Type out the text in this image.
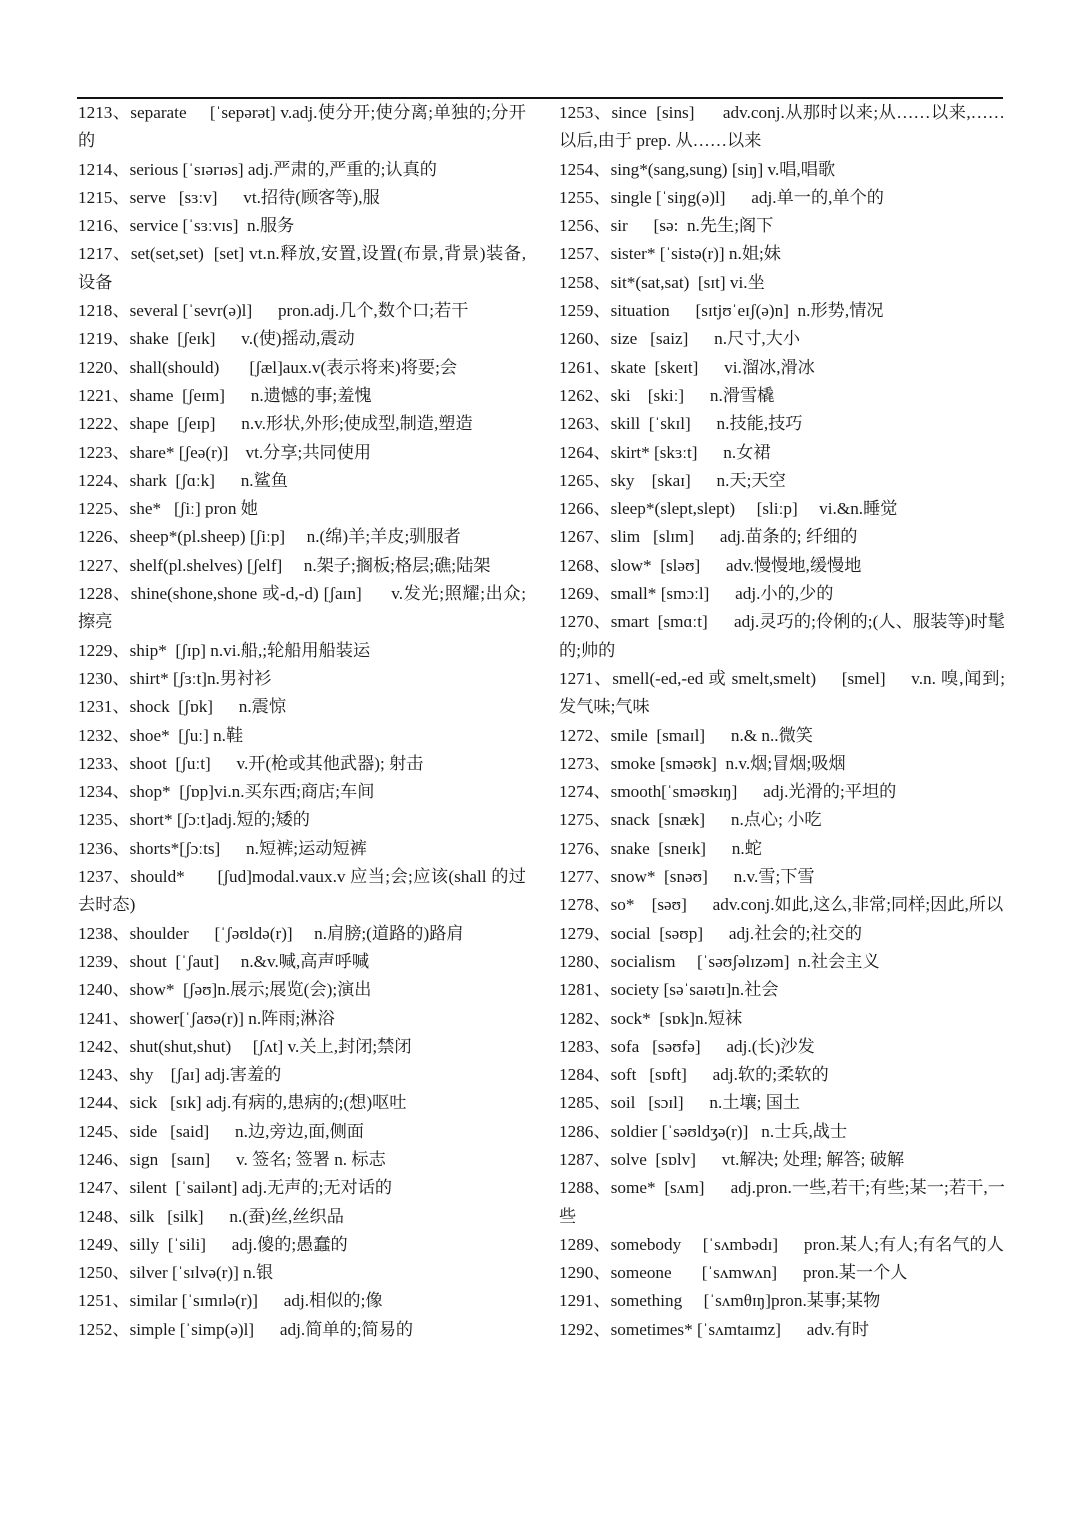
1213、separate     [ˈsepərət] v.adj.使分开;使分离;单独的;分开的
1214、serious [ˈsɪərɪəs] adj.严肃的,严重的;认真的
1215、serve   [sɜːv]      vt.招待(顾客等),服
1216、service [ˈsɜːvɪs]  n.服务
1217、set(set,set)  [set] vt.n.释放,安置,设置(布景,背景)装备,设备
1218、several [ˈsevr(ə)l]      pron.adj.几个,数个口;若干
1219、shake  [ʃeɪk]      v.(使)摇动,震动
1220、shall(should)       [ʃæl]aux.v(表示将来)将要;会
1221、shame  [ʃeɪm]      n.遗憾的事;羞愧
1222、shape  [ʃeɪp]      n.v.形状,外形;使成型,制造,塑造
1223、share* [ʃeə(r)]    vt.分享;共同使用
1224、shark  [ʃɑːk]      n.鲨鱼
1225、she*   [ʃiː] pron 她
1226、sheep*(pl.sheep) [ʃiːp]     n.(绵)羊;羊皮;驯服者
1227、shelf(pl.shelves) [ʃelf]     n.架子;搁板;格层;礁;陆架
1228、shine(shone,shone 或-d,-d) [ʃaɪn]      v.发光;照耀;出众;擦亮
1229、ship*  [ʃɪp] n.vi.船,;轮船用船装运
1230、shirt* [ʃɜːt]n.男衬衫
1231、shock  [ʃɒk]      n.震惊
1232、shoe*  [ʃuː] n.鞋
1233、shoot  [ʃuːt]      v.开(枪或其他武器); 射击
1234、shop*  [ʃɒp]vi.n.买东西;商店;车间
1235、short* [ʃɔːt]adj.短的;矮的
1236、shorts*[ʃɔːts]      n.短裤;运动短裤
1237、should*       [ʃud]modal.vaux.v 应当;会;应该(shall 的过去时态)
1238、shoulder      [ˈʃəʊldə(r)]     n.肩膀;(道路的)路肩
1239、shout  [ˈʃaut]     n.&v.喊,高声呼喊
1240、show*  [ʃəʊ]n.展示;展览(会);演出
1241、shower[ˈʃaʊə(r)] n.阵雨;淋浴
1242、shut(shut,shut)     [ʃʌt] v.关上,封闭;禁闭
1243、shy    [ʃaɪ] adj.害羞的
1244、sick   [sɪk] adj.有病的,患病的;(想)呕吐
1245、side   [said]      n.边,旁边,面,侧面
1246、sign   [saɪn]      v. 签名; 签署 n. 标志
1247、silent  [ˈsailənt] adj.无声的;无对话的
1248、silk   [silk]      n.(蚕)丝,丝织品
1249、silly  [ˈsili]      adj.傻的;愚蠢的
1250、silver [ˈsɪlvə(r)] n.银
1251、similar [ˈsɪmɪlə(r)]      adj.相似的;像
1252、simple [ˈsimp(ə)l]      adj.简单的;简易的
1253、since  [sins]      adv.conj.从那时以来;从……以来,……以后,由于 prep. 从……以来
1254、sing*(sang,sung) [siŋ] v.唱,唱歌
1255、single [ˈsiŋg(ə)l]      adj.单一的,单个的
1256、sir      [sə:  n.先生;阁下
1257、sister* [ˈsistə(r)] n.姐;妹
1258、sit*(sat,sat)  [sɪt] vi.坐
1259、situation      [sɪtjʊˈeɪʃ(ə)n]  n.形势,情况
1260、size   [saiz]      n.尺寸,大小
1261、skate  [skeɪt]      vi.溜冰,滑冰
1262、ski    [skiː]      n.滑雪橇
1263、skill  [ˈskɪl]      n.技能,技巧
1264、skirt* [skɜːt]      n.女裙
1265、sky    [skaɪ]      n.天;天空
1266、sleep*(slept,slept)     [sliːp]     vi.&n.睡觉
1267、slim   [slɪm]      adj.苗条的; 纤细的
1268、slow*  [sləʊ]      adv.慢慢地,缓慢地
1269、small* [smɔːl]      adj.小的,少的
1270、smart  [smɑːt]      adj.灵巧的;伶俐的;(人、服装等)时髦的;帅的
1271、smell(-ed,-ed 或 smelt,smelt)     [smel]     v.n. 嗅,闻到;发气味;气味
1272、smile  [smaɪl]      n.& n..微笑
1273、smoke [sməʊk]  n.v.烟;冒烟;吸烟
1274、smooth[ˈsməʊkɪŋ]      adj.光滑的;平坦的
1275、snack  [snæk]      n.点心; 小吃
1276、snake  [sneɪk]      n.蛇
1277、snow*  [snəʊ]      n.v.雪;下雪
1278、so*    [səʊ]      adv.conj.如此,这么,非常;同样;因此,所以
1279、social  [səʊp]      adj.社会的;社交的
1280、socialism     [ˈsəʊʃəlɪzəm]  n.社会主义
1281、society [səˈsaɪətɪ]n.社会
1282、sock*  [sɒk]n.短袜
1283、sofa   [səʊfə]      adj.(长)沙发
1284、soft   [sɒft]      adj.软的;柔软的
1285、soil   [sɔɪl]      n.土壤; 国土
1286、soldier [ˈsəʊldʒə(r)]   n.士兵,战士
1287、solve  [sɒlv]      vt.解决; 处理; 解答; 破解
1288、some*  [sʌm]      adj.pron.一些,若干;有些;某一;若干,一些
1289、somebody     [ˈsʌmbədɪ]      pron.某人;有人;有名气的人
1290、someone       [ˈsʌmwʌn]      pron.某一个人
1291、something     [ˈsʌmθɪŋ]pron.某事;某物
1292、sometimes* [ˈsʌmtaɪmz]      adv.有时
